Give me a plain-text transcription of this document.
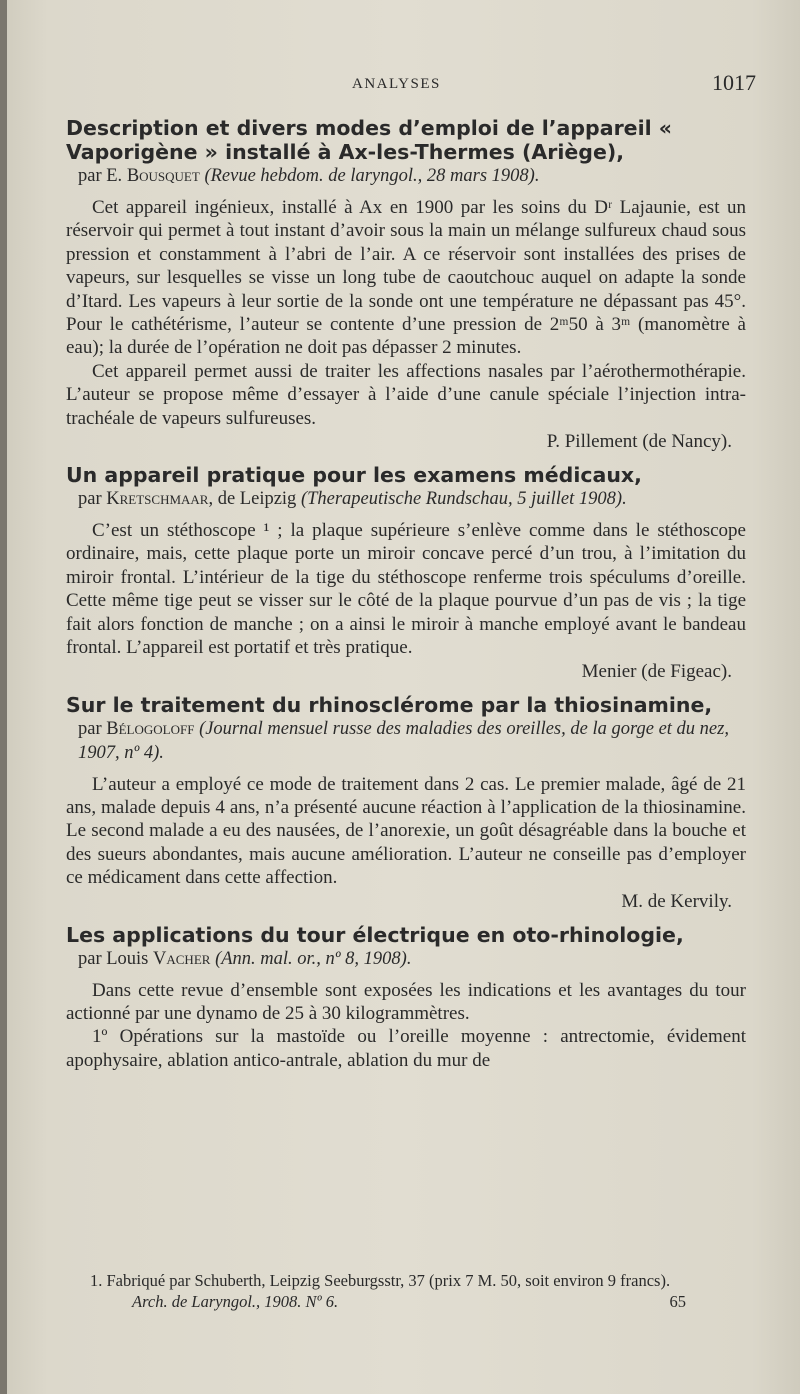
ANALYSES	1017
Description et divers modes d’emploi de l’appareil « Vaporigène » installé à Ax-les-Thermes (Ariège),
par E. Bousquet (Revue hebdom. de laryngol., 28 mars 1908).

Cet appareil ingénieux, installé à Ax en 1900 par les soins du Dʳ Lajaunie, est un réservoir qui permet à tout instant d’avoir sous la main un mélange sulfureux chaud sous pression et constamment à l’abri de l’air. A ce réservoir sont installées des prises de vapeurs, sur lesquelles se visse un long tube de caoutchouc auquel on adapte la sonde d’Itard. Les vapeurs à leur sortie de la sonde ont une température ne dépassant pas 45°. Pour le cathétérisme, l’auteur se contente d’une pression de 2ᵐ50 à 3ᵐ (manomètre à eau); la durée de l’opération ne doit pas dépasser 2 minutes.

Cet appareil permet aussi de traiter les affections nasales par l’aérothermothérapie. L’auteur se propose même d’essayer à l’aide d’une canule spéciale l’injection intra-trachéale de vapeurs sulfureuses.

P. Pillement (de Nancy).
Un appareil pratique pour les examens médicaux,
par Kretschmaar, de Leipzig (Therapeutische Rundschau, 5 juillet 1908).

C’est un stéthoscope ¹ ; la plaque supérieure s’enlève comme dans le stéthoscope ordinaire, mais, cette plaque porte un miroir concave percé d’un trou, à l’imitation du miroir frontal. L’intérieur de la tige du stéthoscope renferme trois spéculums d’oreille. Cette même tige peut se visser sur le côté de la plaque pourvue d’un pas de vis ; la tige fait alors fonction de manche ; on a ainsi le miroir à manche employé avant le bandeau frontal. L’appareil est portatif et très pratique.

Menier (de Figeac).
Sur le traitement du rhinosclérome par la thiosinamine,
par Bélogoloff (Journal mensuel russe des maladies des oreilles, de la gorge et du nez, 1907, nº 4).

L’auteur a employé ce mode de traitement dans 2 cas. Le premier malade, âgé de 21 ans, malade depuis 4 ans, n’a présenté aucune réaction à l’application de la thiosinamine. Le second malade a eu des nausées, de l’anorexie, un goût désagréable dans la bouche et des sueurs abondantes, mais aucune amélioration. L’auteur ne conseille pas d’employer ce médicament dans cette affection.

M. de Kervily.
Les applications du tour électrique en oto-rhinologie,
par Louis Vacher (Ann. mal. or., nº 8, 1908).

Dans cette revue d’ensemble sont exposées les indications et les avantages du tour actionné par une dynamo de 25 à 30 kilogrammètres.

1º Opérations sur la mastoïde ou l’oreille moyenne : antrectomie, évidement apophysaire, ablation antico-antrale, ablation du mur de

1. Fabriqué par Schuberth, Leipzig Seeburgsstr, 37 (prix 7 M. 50, soit environ 9 francs).

Arch. de Laryngol., 1908. Nº 6.	65
